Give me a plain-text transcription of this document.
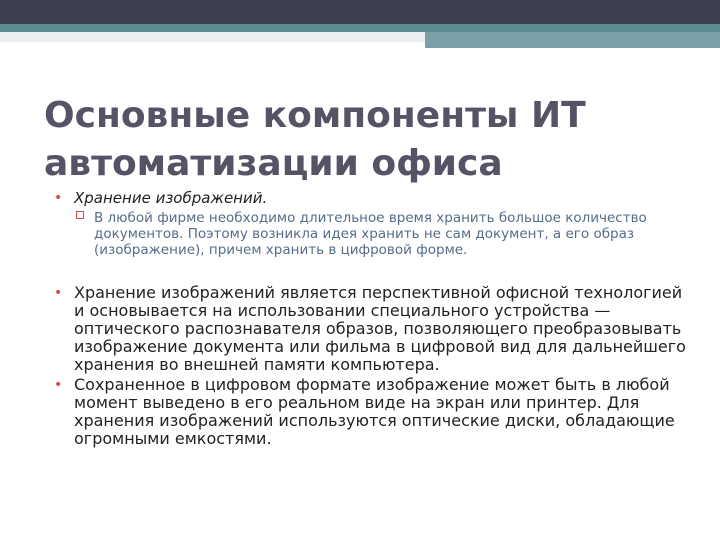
Основные компоненты ИТ автоматизации офиса
• Хранение изображений.
В любой фирме необходимо длительное время хранить большое количество документов. Поэтому возникла идея хранить не сам документ, а его образ (изображение), причем хранить в цифровой форме.
• Хранение изображений является перспективной офисной технологией и основывается на использовании специального устройства — оптического распознавателя образов, позволяющего преобразовывать изображение документа или фильма в цифровой вид для дальнейшего хранения во внешней памяти компьютера.
• Сохраненное в цифровом формате изображение может быть в любой момент выведено в его реальном виде на экран или принтер. Для хранения изображений используются оптические диски, обладающие огромными емкостями.
